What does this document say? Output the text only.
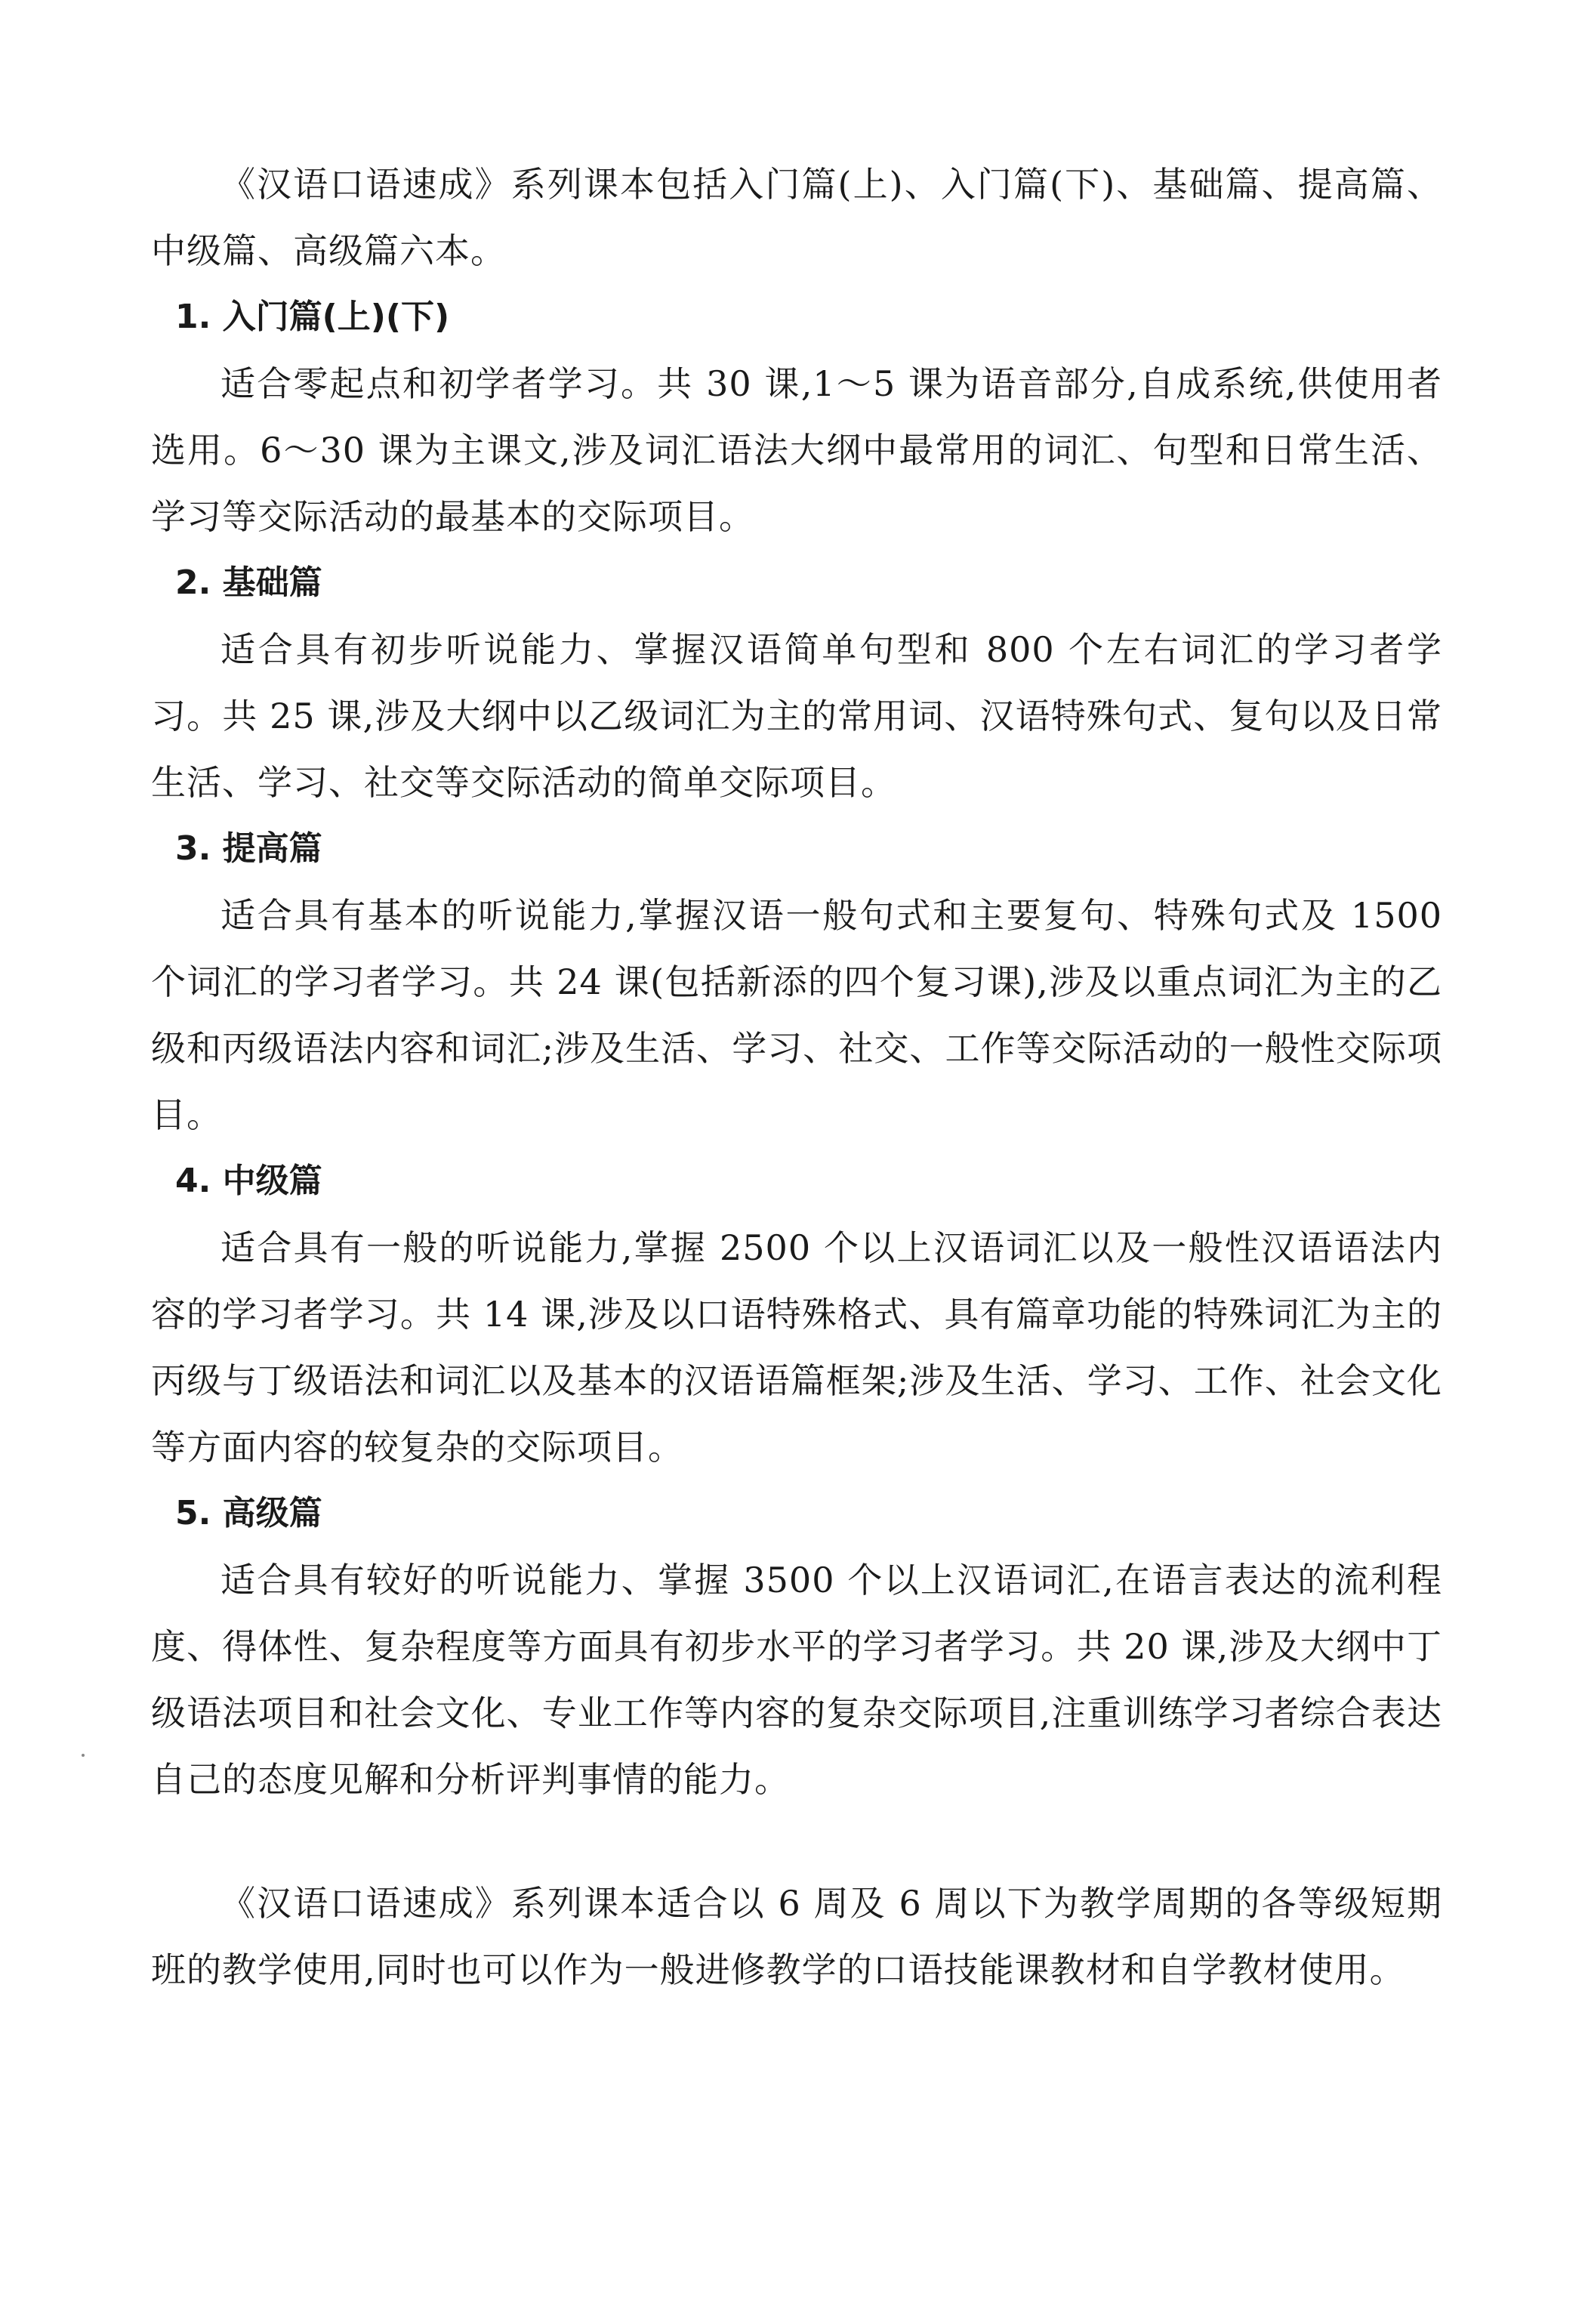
《汉语口语速成》系列课本包括入门篇(上)、入门篇(下)、基础篇、提高篇、中级篇、高级篇六本。

1. 入门篇(上)(下)

适合零起点和初学者学习。共 30 课,1～5 课为语音部分,自成系统,供使用者选用。6～30 课为主课文,涉及词汇语法大纲中最常用的词汇、句型和日常生活、学习等交际活动的最基本的交际项目。

2. 基础篇

适合具有初步听说能力、掌握汉语简单句型和 800 个左右词汇的学习者学习。共 25 课,涉及大纲中以乙级词汇为主的常用词、汉语特殊句式、复句以及日常生活、学习、社交等交际活动的简单交际项目。

3. 提高篇

适合具有基本的听说能力,掌握汉语一般句式和主要复句、特殊句式及 1500 个词汇的学习者学习。共 24 课(包括新添的四个复习课),涉及以重点词汇为主的乙级和丙级语法内容和词汇;涉及生活、学习、社交、工作等交际活动的一般性交际项目。

4. 中级篇

适合具有一般的听说能力,掌握 2500 个以上汉语词汇以及一般性汉语语法内容的学习者学习。共 14 课,涉及以口语特殊格式、具有篇章功能的特殊词汇为主的丙级与丁级语法和词汇以及基本的汉语语篇框架;涉及生活、学习、工作、社会文化等方面内容的较复杂的交际项目。

5. 高级篇

适合具有较好的听说能力、掌握 3500 个以上汉语词汇,在语言表达的流利程度、得体性、复杂程度等方面具有初步水平的学习者学习。共 20 课,涉及大纲中丁级语法项目和社会文化、专业工作等内容的复杂交际项目,注重训练学习者综合表达自己的态度见解和分析评判事情的能力。

《汉语口语速成》系列课本适合以 6 周及 6 周以下为教学周期的各等级短期班的教学使用,同时也可以作为一般进修教学的口语技能课教材和自学教材使用。
